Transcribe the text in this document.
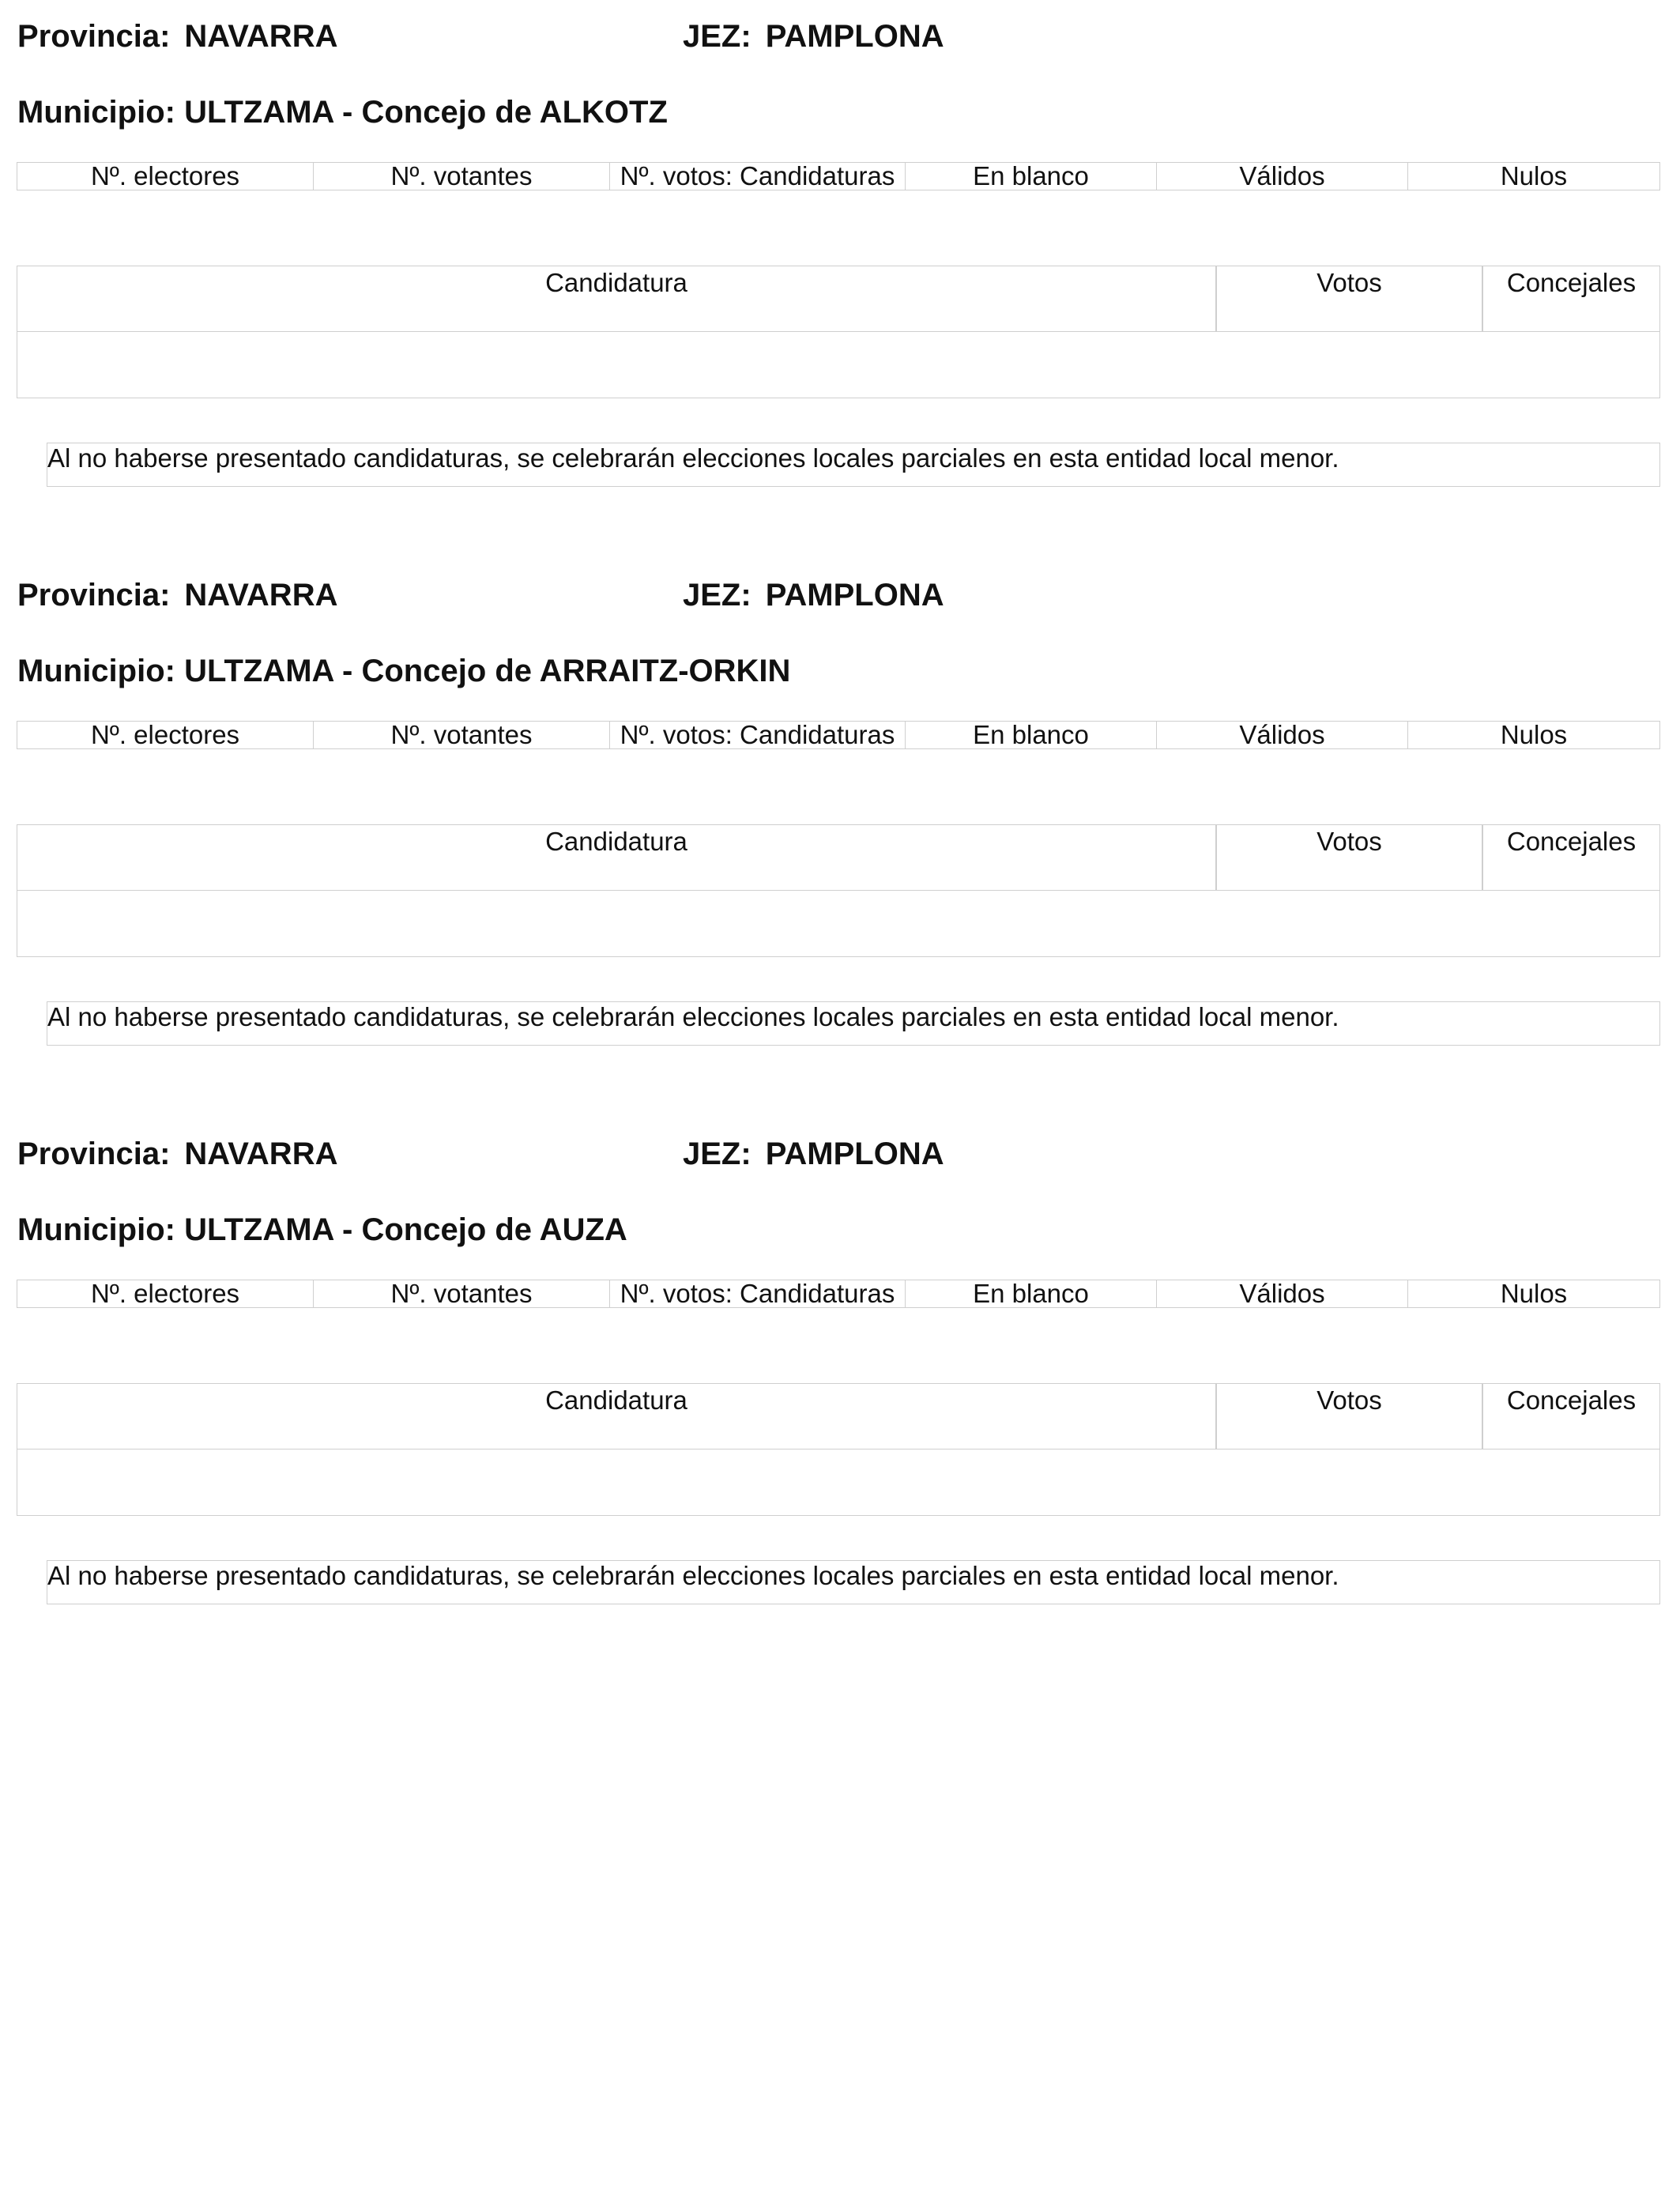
Provincia: NAVARRA	JEZ: PAMPLONA
Municipio: ULTZAMA - Concejo de ALKOTZ
Nº. electores	Nº. votantes	Nº. votos: Candidaturas	En blanco	Válidos	Nulos
Candidatura	Votos	Concejales
Al no haberse presentado candidaturas, se celebrarán elecciones locales parciales en esta entidad local menor.
Provincia: NAVARRA	JEZ: PAMPLONA
Municipio: ULTZAMA - Concejo de ARRAITZ-ORKIN
Nº. electores	Nº. votantes	Nº. votos: Candidaturas	En blanco	Válidos	Nulos
Candidatura	Votos	Concejales
Al no haberse presentado candidaturas, se celebrarán elecciones locales parciales en esta entidad local menor.
Provincia: NAVARRA	JEZ: PAMPLONA
Municipio: ULTZAMA - Concejo de AUZA
Nº. electores	Nº. votantes	Nº. votos: Candidaturas	En blanco	Válidos	Nulos
Candidatura	Votos	Concejales
Al no haberse presentado candidaturas, se celebrarán elecciones locales parciales en esta entidad local menor.
